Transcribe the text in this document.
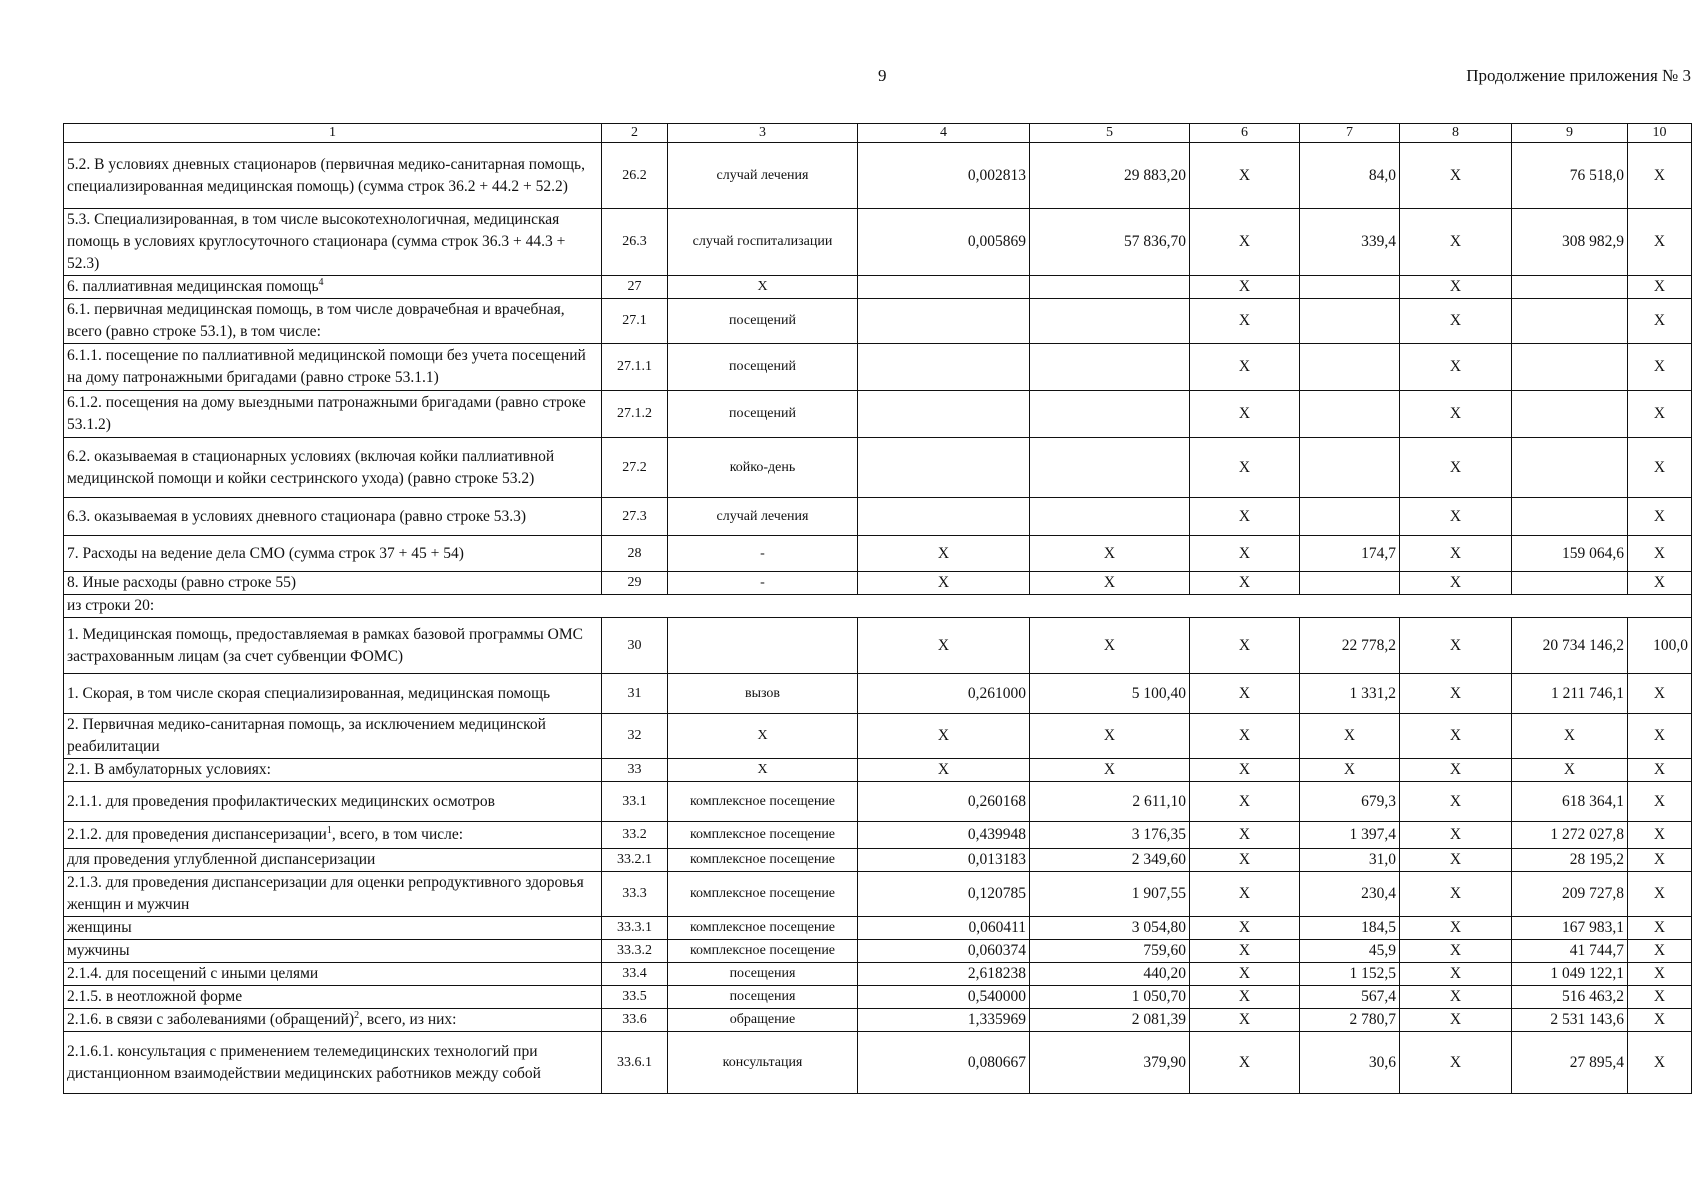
9	Продолжение приложения № 3
1	2	3	4	5	6	7	8	9	10
5.2. В условиях дневных стационаров (первичная медико-санитарная помощь, специализированная медицинская помощь) (сумма строк 36.2 + 44.2 + 52.2)	26.2	случай лечения	0,002813	29 883,20	X	84,0	X	76 518,0	X
5.3. Специализированная, в том числе высокотехнологичная, медицинская помощь в условиях круглосуточного стационара (сумма строк 36.3 + 44.3 + 52.3)	26.3	случай госпитализации	0,005869	57 836,70	X	339,4	X	308 982,9	X
6. паллиативная медицинская помощь$^4$	27	X			X		X		X
6.1. первичная медицинская помощь, в том числе доврачебная и врачебная, всего (равно строке 53.1), в том числе:	27.1	посещений			X		X		X
6.1.1. посещение по паллиативной медицинской помощи без учета посещений на дому патронажными бригадами (равно строке 53.1.1)	27.1.1	посещений			X		X		X
6.1.2. посещения на дому выездными патронажными бригадами (равно строке 53.1.2)	27.1.2	посещений			X		X		X
6.2. оказываемая в стационарных условиях (включая койки паллиативной медицинской помощи и койки сестринского ухода) (равно строке 53.2)	27.2	койко-день			X		X		X
6.3. оказываемая в условиях дневного стационара (равно строке 53.3)	27.3	случай лечения			X		X		X
7. Расходы на ведение дела СМО (сумма строк 37 + 45 + 54)	28	-	X	X	X	174,7	X	159 064,6	X
8. Иные расходы (равно строке 55)	29	-	X	X	X		X		X
из строки 20:									
1. Медицинская помощь, предоставляемая в рамках базовой программы ОМС застрахованным лицам (за счет субвенции ФОМС)	30		X	X	X	22 778,2	X	20 734 146,2	100,0
1. Скорая, в том числе скорая специализированная, медицинская помощь	31	вызов	0,261000	5 100,40	X	1 331,2	X	1 211 746,1	X
2. Первичная медико-санитарная помощь, за исключением медицинской реабилитации	32	X	X	X	X	X	X	X	X
2.1. В амбулаторных условиях:	33	X	X	X	X	X	X	X	X
2.1.1. для проведения профилактических медицинских осмотров	33.1	комплексное посещение	0,260168	2 611,10	X	679,3	X	618 364,1	X
2.1.2. для проведения диспансеризации$^1$, всего, в том числе:	33.2	комплексное посещение	0,439948	3 176,35	X	1 397,4	X	1 272 027,8	X
для проведения углубленной диспансеризации	33.2.1	комплексное посещение	0,013183	2 349,60	X	31,0	X	28 195,2	X
2.1.3. для проведения диспансеризации для оценки репродуктивного здоровья женщин и мужчин	33.3	комплексное посещение	0,120785	1 907,55	X	230,4	X	209 727,8	X
женщины	33.3.1	комплексное посещение	0,060411	3 054,80	X	184,5	X	167 983,1	X
мужчины	33.3.2	комплексное посещение	0,060374	759,60	X	45,9	X	41 744,7	X
2.1.4. для посещений с иными целями	33.4	посещения	2,618238	440,20	X	1 152,5	X	1 049 122,1	X
2.1.5. в неотложной форме	33.5	посещения	0,540000	1 050,70	X	567,4	X	516 463,2	X
2.1.6. в связи с заболеваниями (обращений)$^2$, всего, из них:	33.6	обращение	1,335969	2 081,39	X	2 780,7	X	2 531 143,6	X
2.1.6.1. консультация с применением телемедицинских технологий при дистанционном взаимодействии медицинских работников между собой	33.6.1	консультация	0,080667	379,90	X	30,6	X	27 895,4	X
